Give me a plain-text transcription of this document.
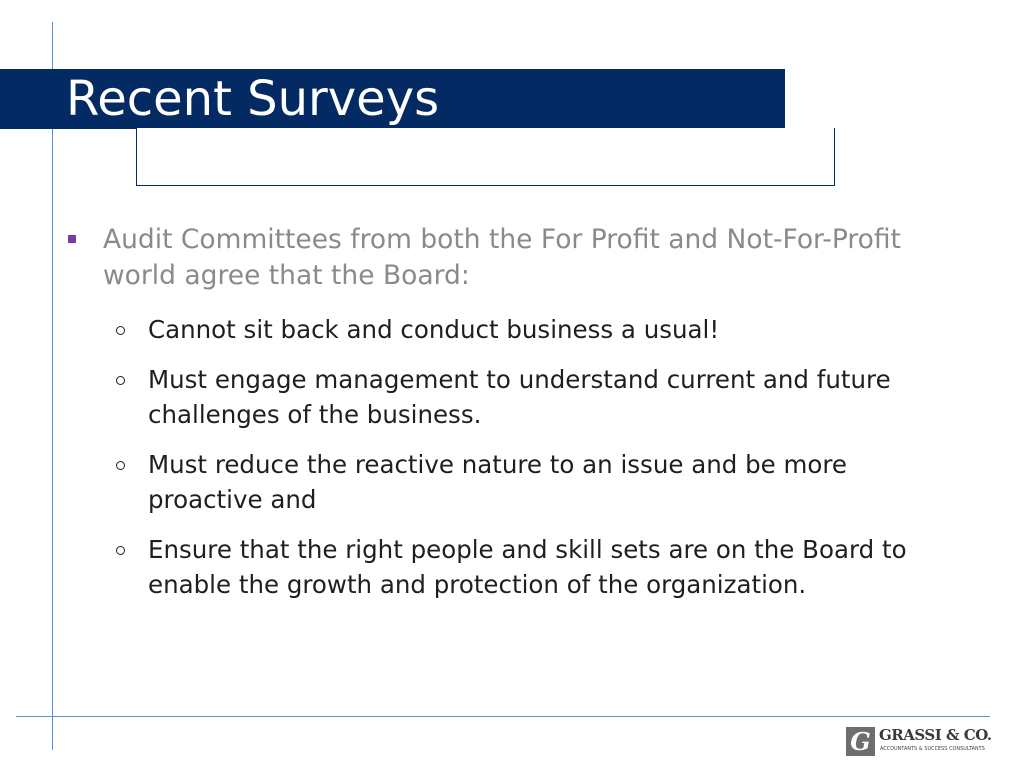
Recent Surveys
Audit Committees from both the For Profit and Not-For-Profit world agree that the Board:
Cannot sit back and conduct business a usual!
Must engage management to understand current and future challenges of the business.
Must reduce the reactive nature to an issue and be more proactive and
Ensure that the right people and skill sets are on the Board to enable the growth and protection of the organization.
G GRASSI & CO.

ACCOUNTANTS & SUCCESS CONSULTANTS
